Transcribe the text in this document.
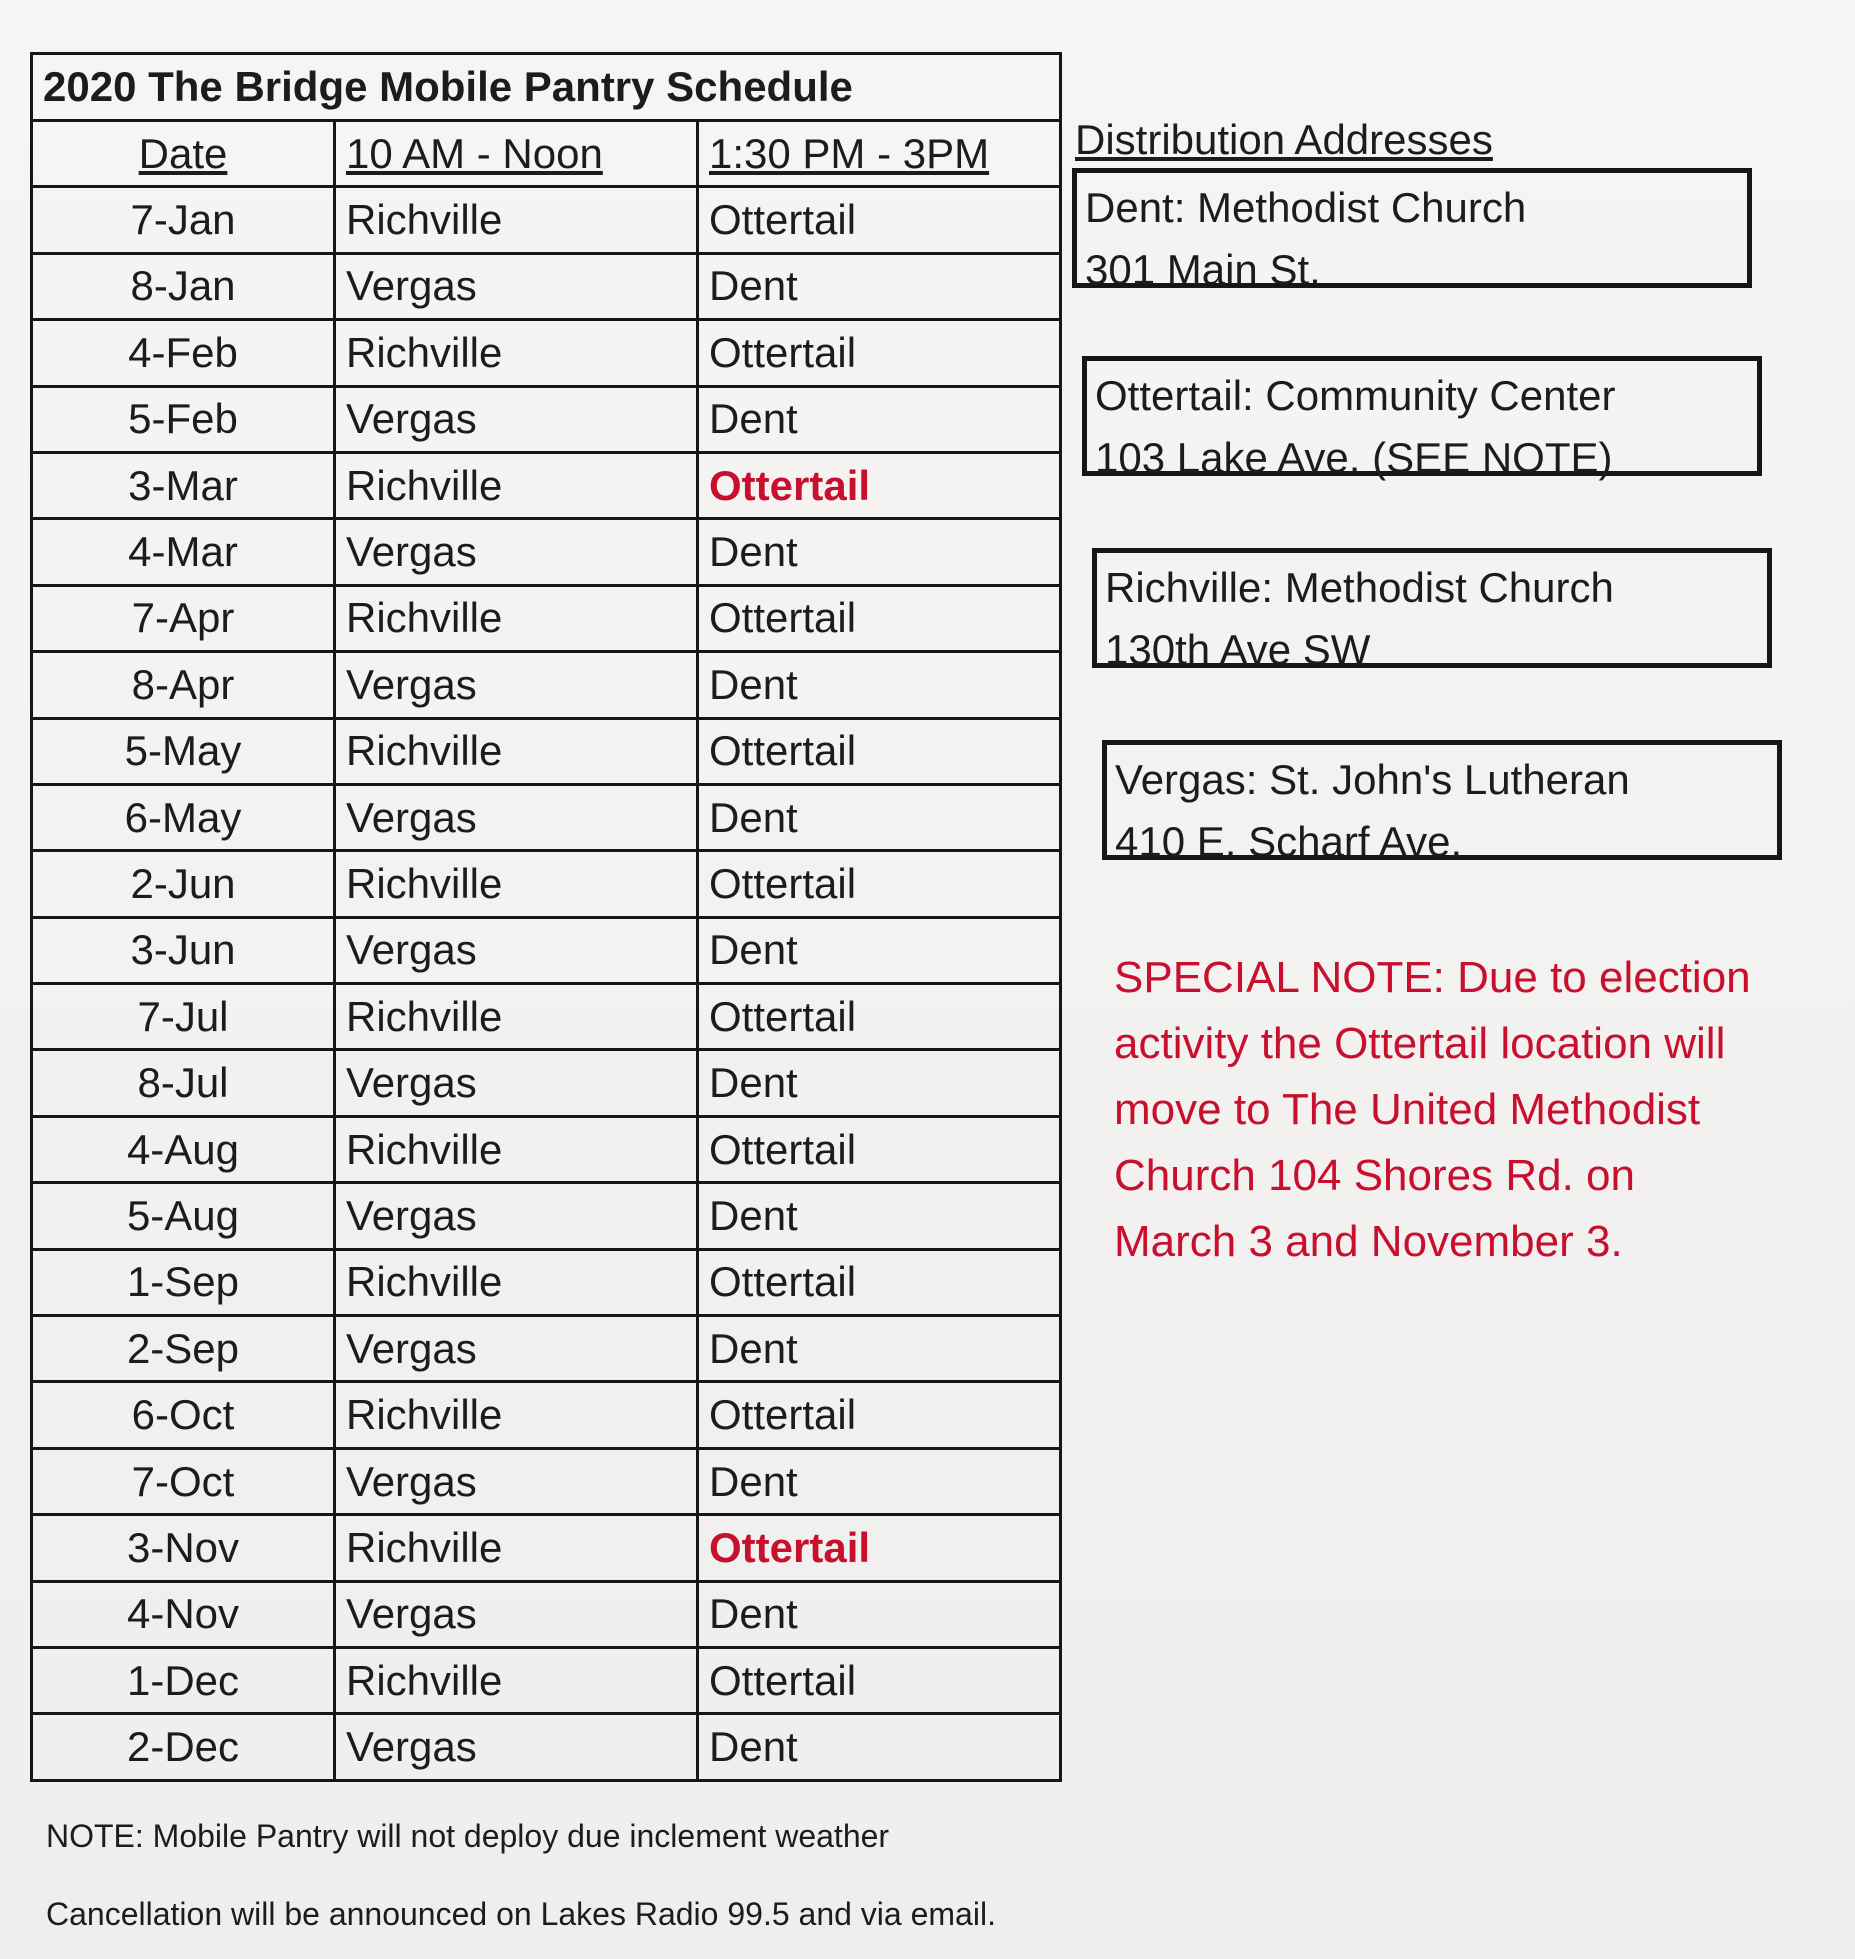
2020 The Bridge Mobile Pantry Schedule		
Date	10 AM - Noon	1:30 PM - 3PM
7-Jan	Richville	Ottertail
8-Jan	Vergas	Dent
4-Feb	Richville	Ottertail
5-Feb	Vergas	Dent
3-Mar	Richville	Ottertail
4-Mar	Vergas	Dent
7-Apr	Richville	Ottertail
8-Apr	Vergas	Dent
5-May	Richville	Ottertail
6-May	Vergas	Dent
2-Jun	Richville	Ottertail
3-Jun	Vergas	Dent
7-Jul	Richville	Ottertail
8-Jul	Vergas	Dent
4-Aug	Richville	Ottertail
5-Aug	Vergas	Dent
1-Sep	Richville	Ottertail
2-Sep	Vergas	Dent
6-Oct	Richville	Ottertail
7-Oct	Vergas	Dent
3-Nov	Richville	Ottertail
4-Nov	Vergas	Dent
1-Dec	Richville	Ottertail
2-Dec	Vergas	Dent
Distribution Addresses
Dent: Methodist Church
301 Main St.
Ottertail: Community Center
103 Lake Ave. (SEE NOTE)
Richville: Methodist Church
130th Ave SW
Vergas: St. John's Lutheran
410 E. Scharf Ave.
SPECIAL NOTE: Due to election activity the Ottertail location will move to The United Methodist Church 104 Shores Rd. on March 3 and November 3.
NOTE: Mobile Pantry will not deploy due inclement weather
Cancellation will be announced on Lakes Radio 99.5 and via email.
